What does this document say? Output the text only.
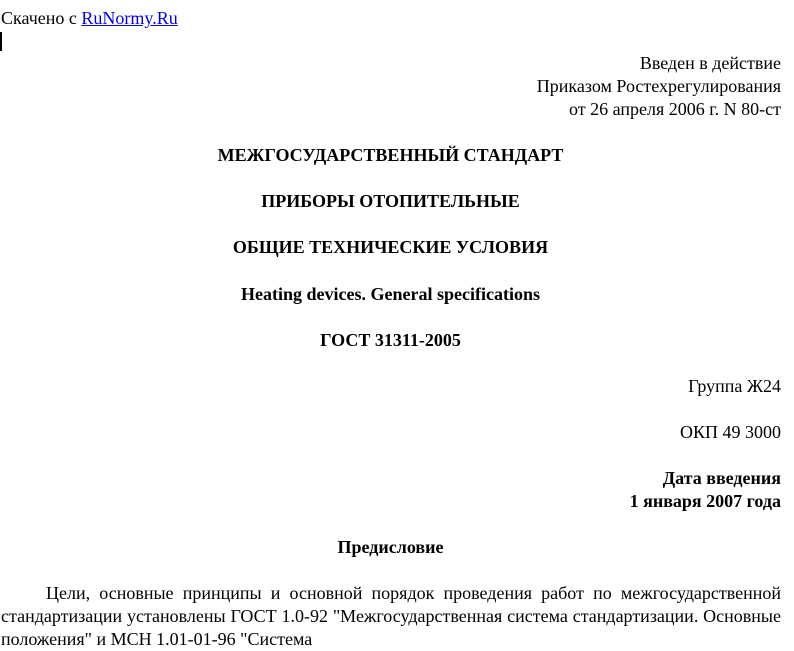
Скачено с RuNormy.Ru
Введен в действие
Приказом Ростехрегулирования
от 26 апреля 2006 г. N 80-ст
МЕЖГОСУДАРСТВЕННЫЙ СТАНДАРТ
ПРИБОРЫ ОТОПИТЕЛЬНЫЕ
ОБЩИЕ ТЕХНИЧЕСКИЕ УСЛОВИЯ
Heating devices. General specifications
ГОСТ 31311-2005
Группа Ж24
ОКП 49 3000
Дата введения
1 января 2007 года
Предисловие
Цели, основные принципы и основной порядок проведения работ по межгосударственной стандартизации установлены ГОСТ 1.0-92 "Межгосударственная система стандартизации. Основные положения" и МСН 1.01-01-96 "Система
